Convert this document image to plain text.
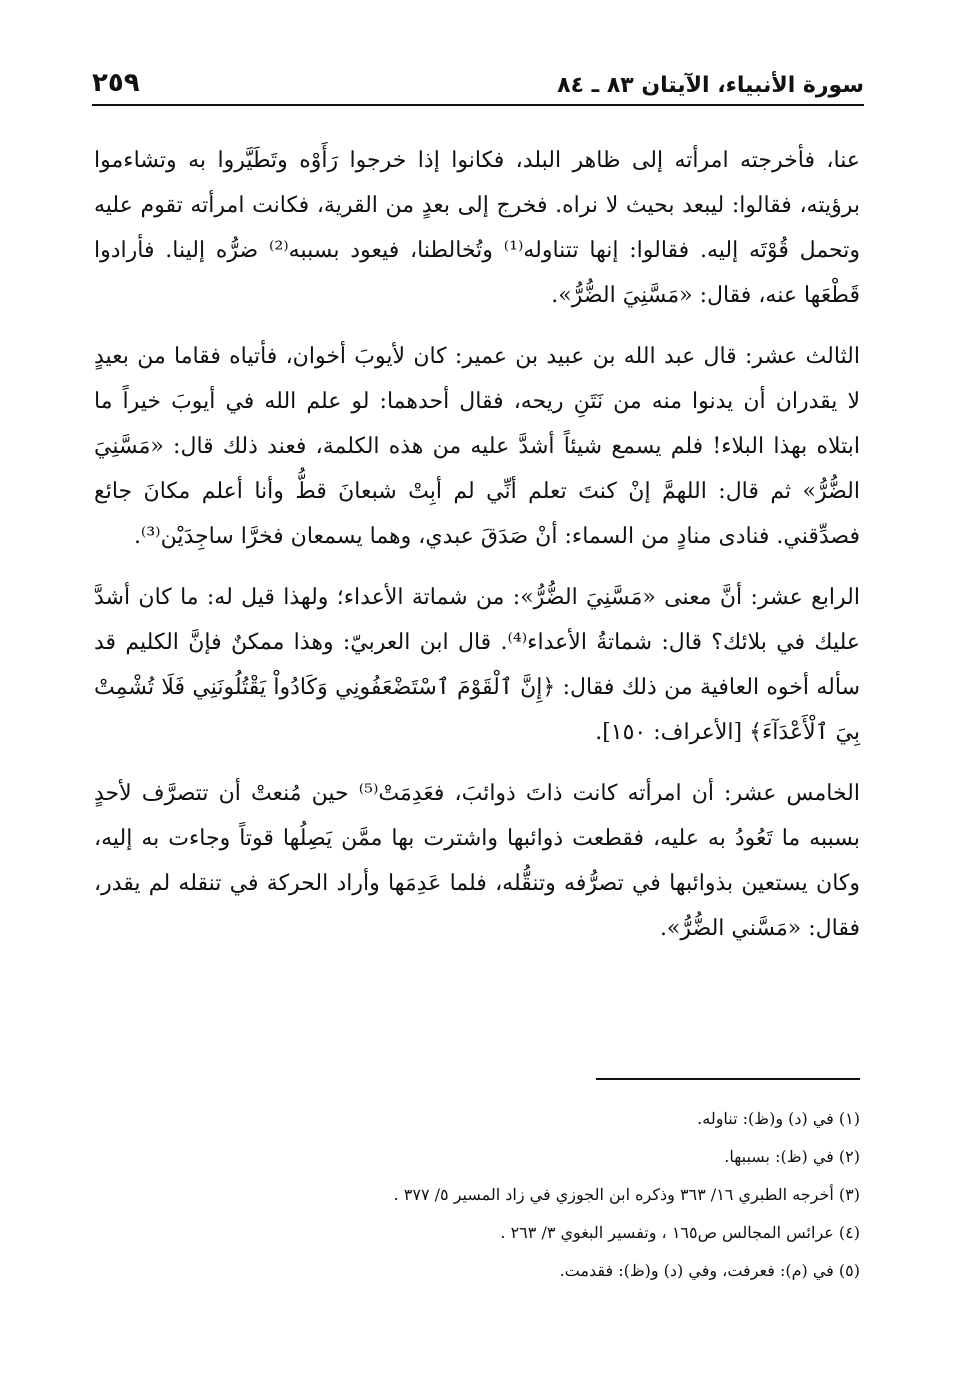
سورة الأنبياء، الآيتان ٨٣ ـ ٨٤
٢٥٩

عنا، فأخرجته امرأته إلى ظاهر البلد، فكانوا إذا خرجوا رَأَوْه وتَطَيَّروا به وتشاءموا برؤيته، فقالوا: ليبعد بحيث لا نراه. فخرج إلى بعدٍ من القرية، فكانت امرأته تقوم عليه وتحمل قُوْتَه إليه. فقالوا: إنها تتناوله⁽¹⁾ وتُخالطنا، فيعود بسببه⁽²⁾ ضرُّه إلينا. فأرادوا قَطْعَها عنه، فقال: «مَسَّنِيَ الضُّرُّ».

الثالث عشر: قال عبد الله بن عبيد بن عمير: كان لأيوبَ أخوان، فأتياه فقاما من بعيدٍ لا يقدران أن يدنوا منه من نَتَنِ ريحه، فقال أحدهما: لو علم الله في أيوبَ خيراً ما ابتلاه بهذا البلاء! فلم يسمع شيئاً أشدَّ عليه من هذه الكلمة، فعند ذلك قال: «مَسَّنِيَ الضُّرُّ» ثم قال: اللهمَّ إنْ كنتَ تعلم أنِّي لم أبِتْ شبعانَ قطُّ وأنا أعلم مكانَ جائع فصدِّقني. فنادى منادٍ من السماء: أنْ صَدَقَ عبدي، وهما يسمعان فخرَّا ساجِدَيْن⁽³⁾.

الرابع عشر: أنَّ معنى «مَسَّنِيَ الضُّرُّ»: من شماتة الأعداء؛ ولهذا قيل له: ما كان أشدَّ عليك في بلائك؟ قال: شماتةُ الأعداء⁽⁴⁾. قال ابن العربيّ: وهذا ممكنٌ فإنَّ الكليم قد سأله أخوه العافية من ذلك فقال: ﴿إِنَّ ٱلْقَوْمَ ٱسْتَضْعَفُونِي وَكَادُواْ يَقْتُلُونَنِي فَلَا تُشْمِتْ بِيَ ٱلْأَعْدَآءَ﴾ [الأعراف: ١٥٠].

الخامس عشر: أن امرأته كانت ذاتَ ذوائبَ، فعَدِمَتْ⁽⁵⁾ حين مُنعتْ أن تتصرَّف لأحدٍ بسببه ما تَعُودُ به عليه، فقطعت ذوائبها واشترت بها ممَّن يَصِلُها قوتاً وجاءت به إليه، وكان يستعين بذوائبها في تصرُّفه وتنقُّله، فلما عَدِمَها وأراد الحركة في تنقله لم يقدر، فقال: «مَسَّني الضُّرُّ».

(١) في (د) و(ظ): تناوله.
(٢) في (ظ): بسببها.
(٣) أخرجه الطبري ١٦/ ٣٦٣ وذكره ابن الجوزي في زاد المسير ٥/ ٣٧٧ .
(٤) عرائس المجالس ص١٦٥ ، وتفسير البغوي ٣/ ٢٦٣ .
(٥) في (م): فعرفت، وفي (د) و(ظ): فقدمت.
